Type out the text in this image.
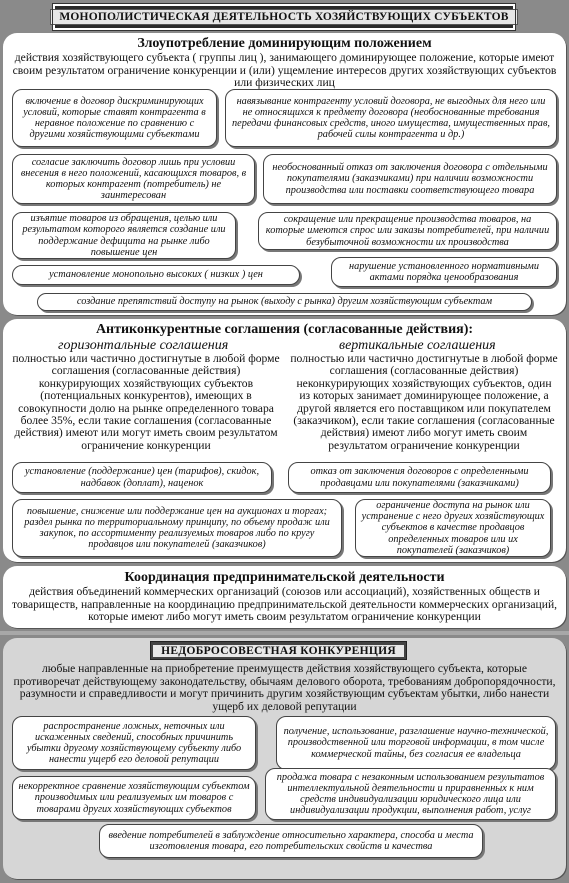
МОНОПОЛИСТИЧЕСКАЯ ДЕЯТЕЛЬНОСТЬ ХОЗЯЙСТВУЮЩИХ СУБЪЕКТОВ
Злоупотребление доминирующим положением
действия хозяйствующего субъекта ( группы лиц ), занимающего доминирующее положение, которые имеют своим результатом ограничение конкуренции и (или) ущемление интересов других хозяйствующих субъектов или физических лиц
включение в договор дискриминирующих условий, которые ставят контрагента в неравное положение по сравнению с другими хозяйствующими субъектами
навязывание контрагенту условий договора, не выгодных для него или не относящихся к предмету договора (необоснованные требования передачи финансовых средств, иного имущества, имущественных прав, рабочей силы контрагента и др.)
согласие заключить договор лишь при условии внесения в него положений, касающихся товаров, в которых контрагент (потребитель) не заинтересован
необоснованный отказ от заключения договора с отдельными покупателями (заказчиками) при наличии возможности производства или поставки соответствующего товара
изъятие товаров из обращения, целью или результатом которого является создание или поддержание дефицита на рынке либо повышение цен
сокращение или прекращение производства товаров, на которые имеются спрос или заказы потребителей, при наличии безубыточной возможности их производства
установление монопольно высоких ( низких ) цен
нарушение установленного нормативными актами порядка ценообразования
создание препятствий доступу на рынок (выходу с рынка) другим хозяйствующим субъектам
Антиконкурентные соглашения (согласованные действия):
горизонтальные соглашения	вертикальные соглашения
полностью или частично достигнутые в любой форме соглашения (согласованные действия) конкурирующих хозяйствующих субъектов (потенциальных конкурентов), имеющих в совокупности долю на рынке определенного товара более 35%, если такие соглашения (согласованные действия) имеют или могут иметь своим результатом ограничение конкуренции
полностью или частично достигнутые в любой форме соглашения (согласованные действия) неконкурирующих хозяйствующих субъектов, один из которых занимает доминирующее положение, а другой является его поставщиком или покупателем (заказчиком), если такие соглашения (согласованные действия) имеют либо могут иметь своим результатом ограничение конкуренции
установление (поддержание) цен (тарифов), скидок, надбавок (доплат), наценок
отказ от заключения договоров с определенными продавцами или покупателями (заказчиками)
повышение, снижение или поддержание цен на аукционах и торгах; раздел рынка по территориальному принципу, по объему продаж или закупок, по ассортименту реализуемых товаров либо по кругу продавцов или покупателей (заказчиков)
ограничение доступа на рынок или устранение с него других хозяйствующих субъектов в качестве продавцов определенных товаров или их покупателей (заказчиков)
Координация предпринимательской деятельности
действия объединений коммерческих организаций (союзов или ассоциаций), хозяйственных обществ и товариществ, направленные на координацию предпринимательской деятельности коммерческих организаций, которые имеют либо могут иметь своим результатом ограничение конкуренции
НЕДОБРОСОВЕСТНАЯ КОНКУРЕНЦИЯ
любые направленные на приобретение преимуществ действия хозяйствующего субъекта, которые противоречат действующему законодательству, обычаям делового оборота, требованиям добропорядочности, разумности и справедливости и могут причинить другим хозяйствующим субъектам убытки, либо нанести ущерб их деловой репутации
распространение ложных, неточных или искаженных сведений, способных причинить убытки другому хозяйствующему субъекту либо нанести ущерб его деловой репутации
получение, использование, разглашение научно-технической, производственной или торговой информации, в том числе коммерческой тайны, без согласия ее владельца
некорректное сравнение хозяйствующим субъектом производимых или реализуемых им товаров с товарами других хозяйствующих субъектов
продажа товара с незаконным использованием результатов интеллектуальной деятельности и приравненных к ним средств индивидуализации юридического лица или индивидуализации продукции, выполнения работ, услуг
введение потребителей в заблуждение относительно характера, способа и места изготовления товара, его потребительских свойств и качества
